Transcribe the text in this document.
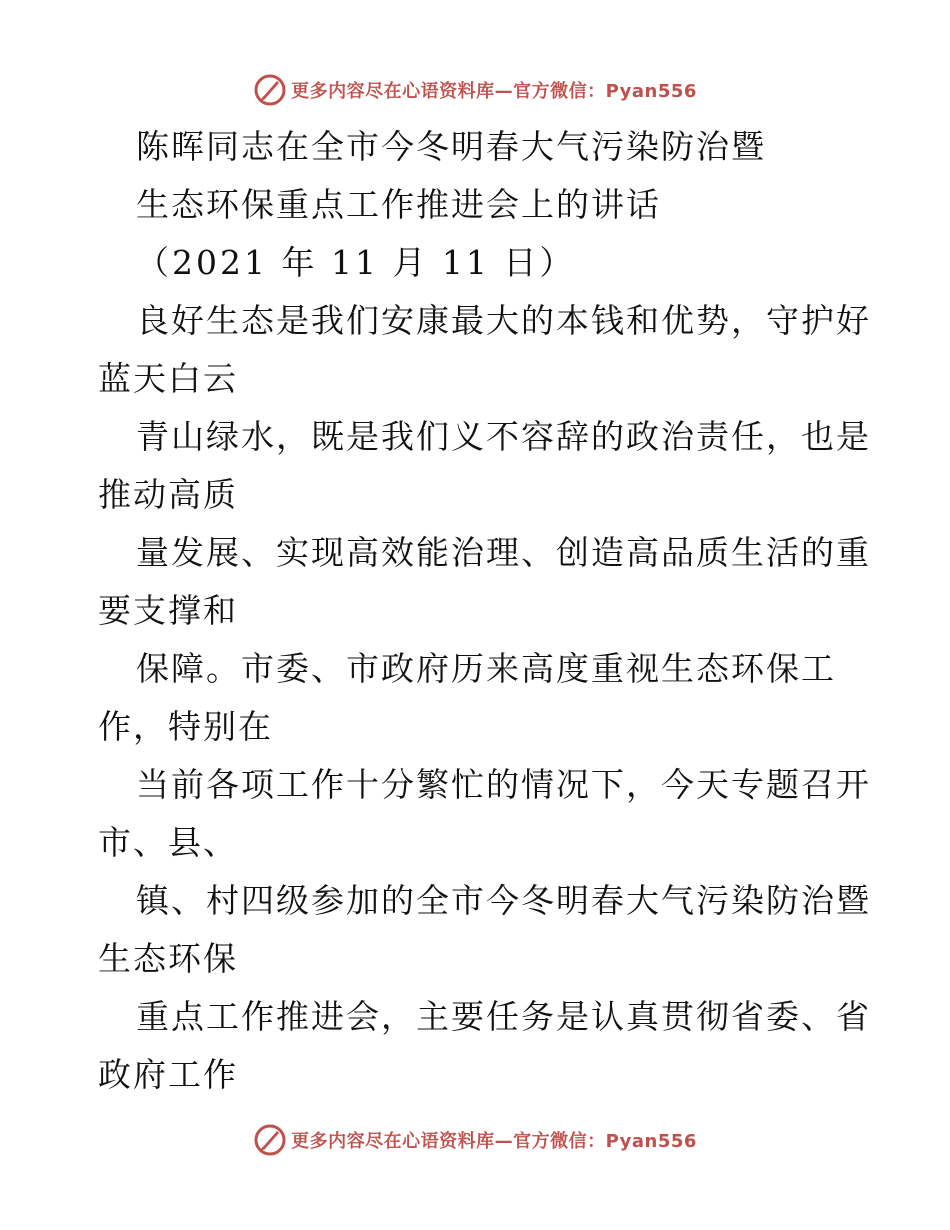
更多内容尽在心语资料库—官方微信：Pyan556
陈晖同志在全市今冬明春大气污染防治暨
生态环保重点工作推进会上的讲话
（2021 年 11 月 11 日）
良好生态是我们安康最大的本钱和优势，守护好
蓝天白云
青山绿水，既是我们义不容辞的政治责任，也是
推动高质
量发展、实现高效能治理、创造高品质生活的重
要支撑和
保障。市委、市政府历来高度重视生态环保工
作，特别在
当前各项工作十分繁忙的情况下，今天专题召开
市、县、
镇、村四级参加的全市今冬明春大气污染防治暨
生态环保
重点工作推进会，主要任务是认真贯彻省委、省
政府工作
更多内容尽在心语资料库—官方微信：Pyan556
